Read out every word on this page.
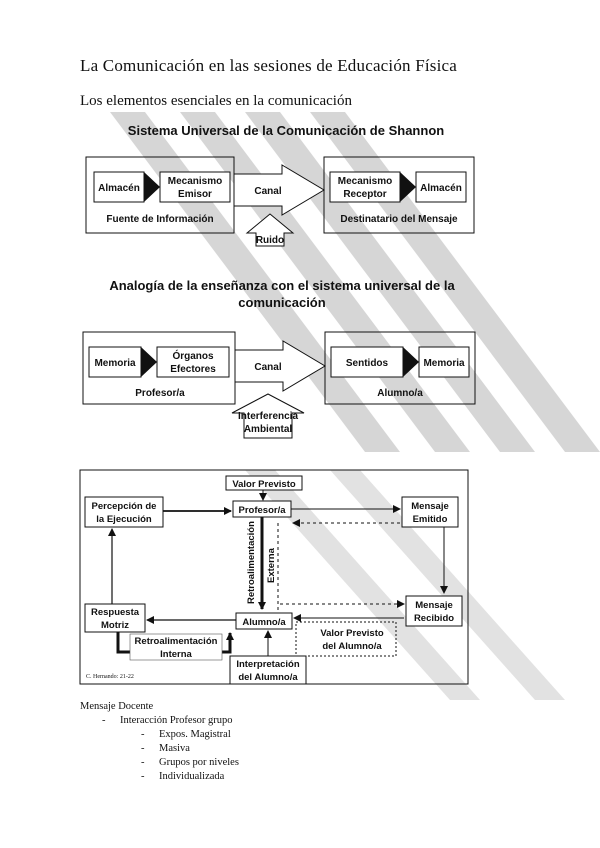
La Comunicación en las sesiones de Educación Física
Los elementos esenciales en la comunicación
Sistema Universal de la Comunicación de Shannon
Almacén
Mecanismo
Emisor
Fuente de Información
Canal
Ruido
Mecanismo
Receptor
Almacén
Destinatario del Mensaje
Analogía de la enseñanza con el sistema universal de la
comunicación
Memoria
Órganos
Efectores
Profesor/a
Canal
Interferencia
Ambiental
Sentidos	Memoria
Alumno/a
Valor Previsto
Percepción de
la Ejecución
Profesor/a	Mensaje
Emitido
Retroalimentación Externa
Respuesta
Motriz	Alumno/a
Mensaje
Recibido
Retroalimentación
Interna
Valor Previsto
del Alumno/a
Interpretación
del Alumno/a
C. Hernando: 21-22
Mensaje Docente
- Interacción Profesor grupo
- Expos. Magistral
- Masiva
- Grupos por niveles
- Individualizada
